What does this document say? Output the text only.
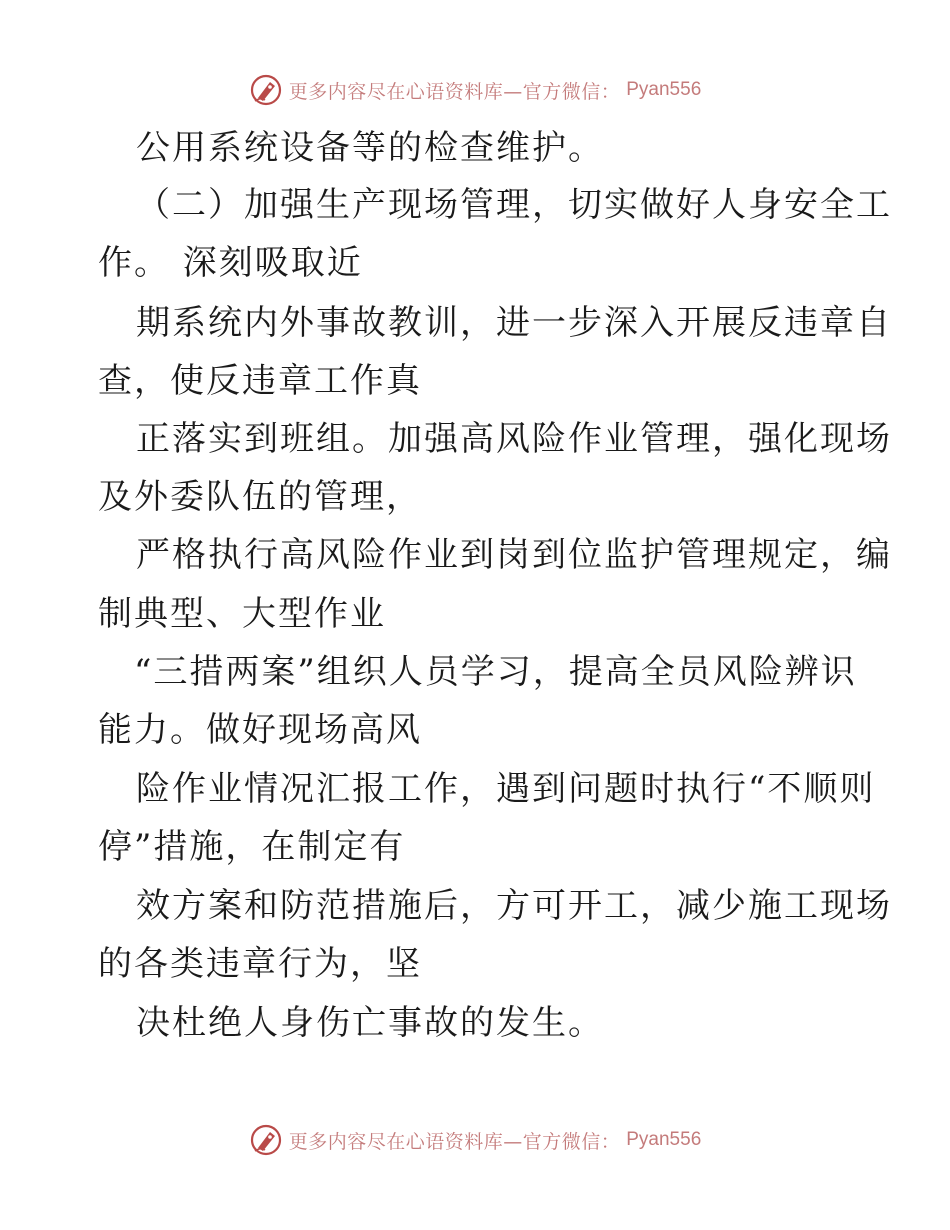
更多内容尽在心语资料库—官方微信： Pyan556
公用系统设备等的检查维护。
（二）加强生产现场管理，切实做好人身安全工
作。 深刻吸取近
期系统内外事故教训，进一步深入开展反违章自
查，使反违章工作真
正落实到班组。加强高风险作业管理，强化现场
及外委队伍的管理，
严格执行高风险作业到岗到位监护管理规定，编
制典型、大型作业
“三措两案”组织人员学习，提高全员风险辨识
能力。做好现场高风
险作业情况汇报工作，遇到问题时执行“不顺则
停”措施，在制定有
效方案和防范措施后，方可开工，减少施工现场
的各类违章行为，坚
决杜绝人身伤亡事故的发生。
更多内容尽在心语资料库—官方微信： Pyan556
